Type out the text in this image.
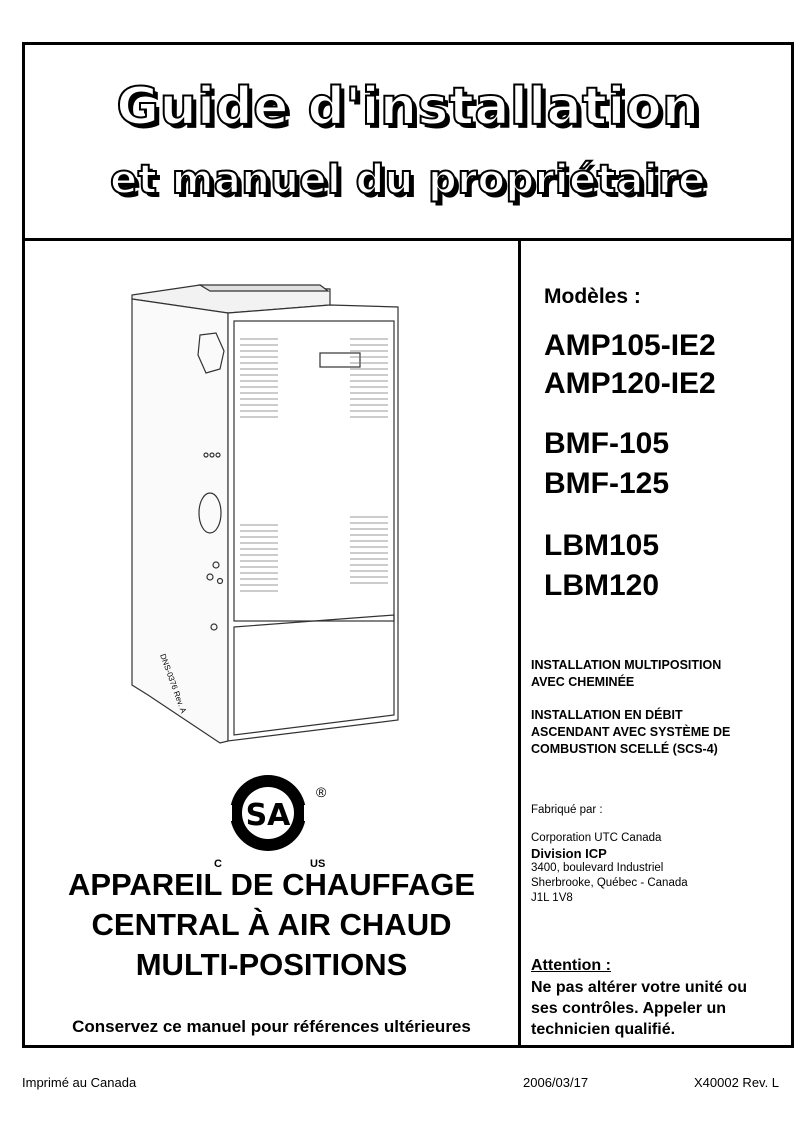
Guide d'installation
et manuel du propriétaire
DNS-0376 Rev. A
SA
®
C	US
APPAREIL DE CHAUFFAGE
CENTRAL À AIR CHAUD
MULTI-POSITIONS
Conservez ce manuel pour références ultérieures
Modèles :
AMP105-IE2
AMP120-IE2
BMF-105
BMF-125
LBM105
LBM120
INSTALLATION MULTIPOSITION
AVEC CHEMINÉE
INSTALLATION EN DÉBIT
ASCENDANT AVEC SYSTÈME DE
COMBUSTION SCELLÉ (SCS-4)
Fabriqué par :
Corporation UTC Canada
Division ICP
3400, boulevard Industriel
Sherbrooke, Québec - Canada
J1L 1V8
Attention :
Ne pas altérer votre unité ou
ses contrôles. Appeler un
technicien qualifié.
Imprimé au Canada	2006/03/17	X40002 Rev. L
